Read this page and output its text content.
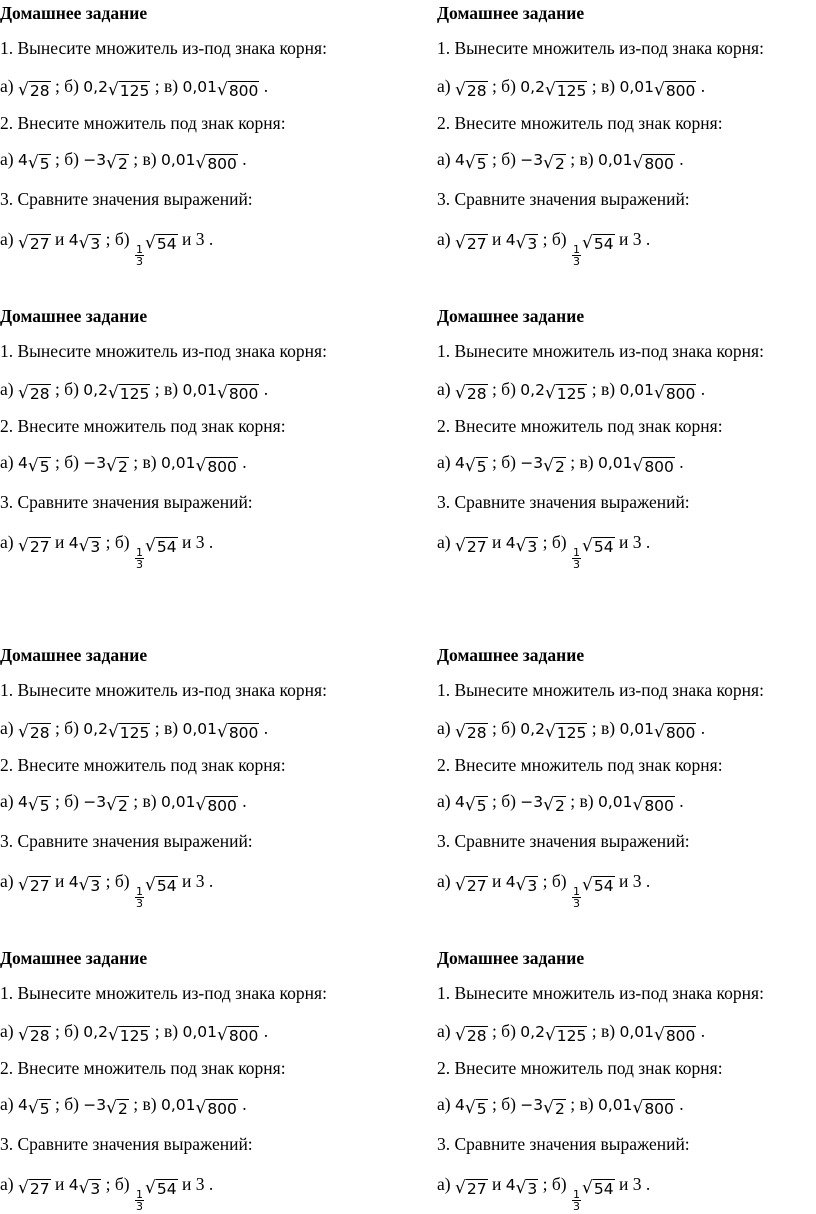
Домашнее задание
1. Вынесите множитель из-под знака корня:
а) √ 28 ; б) 0,2 √ 125 ; в) 0,01 √ 800 .
2. Внесите множитель под знак корня:
а) 4 √ 5 ; б) −3 √ 2 ; в) 0,01 √ 800 .
3. Сравните значения выражений:
а) √ 27 и 4 √ 3 ; б)
$\frac{1}{3}$
√ 54 и 3 .
Домашнее задание
1. Вынесите множитель из-под знака корня:
а) √ 28 ; б) 0,2 √ 125 ; в) 0,01 √ 800 .
2. Внесите множитель под знак корня:
а) 4 √ 5 ; б) −3 √ 2 ; в) 0,01 √ 800 .
3. Сравните значения выражений:
а) √ 27 и 4 √ 3 ; б)
$\frac{1}{3}$
√ 54 и 3 .
Домашнее задание
1. Вынесите множитель из-под знака корня:
а) √ 28 ; б) 0,2 √ 125 ; в) 0,01 √ 800 .
2. Внесите множитель под знак корня:
а) 4 √ 5 ; б) −3 √ 2 ; в) 0,01 √ 800 .
3. Сравните значения выражений:
а) √ 27 и 4 √ 3 ; б)
$\frac{1}{3}$
√ 54 и 3 .
Домашнее задание
1. Вынесите множитель из-под знака корня:
а) √ 28 ; б) 0,2 √ 125 ; в) 0,01 √ 800 .
2. Внесите множитель под знак корня:
а) 4 √ 5 ; б) −3 √ 2 ; в) 0,01 √ 800 .
3. Сравните значения выражений:
а) √ 27 и 4 √ 3 ; б)
$\frac{1}{3}$
√ 54 и 3 .
Домашнее задание
1. Вынесите множитель из-под знака корня:
а) √ 28 ; б) 0,2 √ 125 ; в) 0,01 √ 800 .
2. Внесите множитель под знак корня:
а) 4 √ 5 ; б) −3 √ 2 ; в) 0,01 √ 800 .
3. Сравните значения выражений:
а) √ 27 и 4 √ 3 ; б)
$\frac{1}{3}$
√ 54 и 3 .
Домашнее задание
1. Вынесите множитель из-под знака корня:
а) √ 28 ; б) 0,2 √ 125 ; в) 0,01 √ 800 .
2. Внесите множитель под знак корня:
а) 4 √ 5 ; б) −3 √ 2 ; в) 0,01 √ 800 .
3. Сравните значения выражений:
а) √ 27 и 4 √ 3 ; б)
$\frac{1}{3}$
√ 54 и 3 .
Домашнее задание
1. Вынесите множитель из-под знака корня:
а) √ 28 ; б) 0,2 √ 125 ; в) 0,01 √ 800 .
2. Внесите множитель под знак корня:
а) 4 √ 5 ; б) −3 √ 2 ; в) 0,01 √ 800 .
3. Сравните значения выражений:
а) √ 27 и 4 √ 3 ; б)
$\frac{1}{3}$
√ 54 и 3 .
Домашнее задание
1. Вынесите множитель из-под знака корня:
а) √ 28 ; б) 0,2 √ 125 ; в) 0,01 √ 800 .
2. Внесите множитель под знак корня:
а) 4 √ 5 ; б) −3 √ 2 ; в) 0,01 √ 800 .
3. Сравните значения выражений:
а) √ 27 и 4 √ 3 ; б)
$\frac{1}{3}$
√ 54 и 3 .
